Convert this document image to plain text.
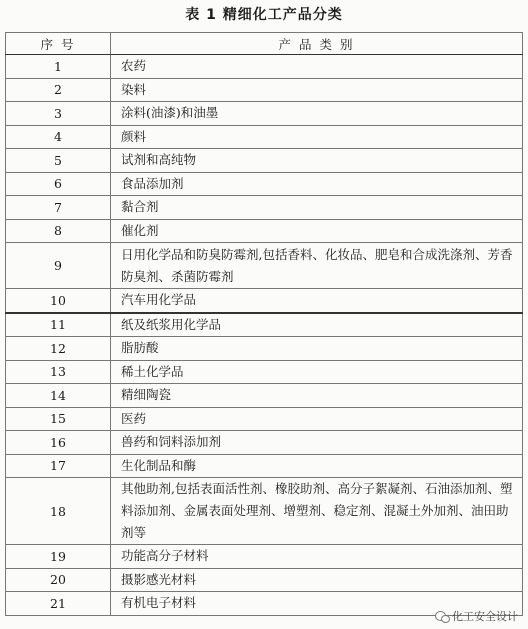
表 1 精细化工产品分类
序 号	产 品 类 别
1	农药
2	染料
3	涂料(油漆)和油墨
4	颜料
5	试剂和高纯物
6	食品添加剂
7	黏合剂
8	催化剂
9	日用化学品和防臭防霉剂,包括香料、化妆品、肥皂和合成洗涤剂、芳香防臭剂、杀菌防霉剂
10	汽车用化学品
11	纸及纸浆用化学品
12	脂肪酸
13	稀土化学品
14	精细陶瓷
15	医药
16	兽药和饲料添加剂
17	生化制品和酶
18	其他助剂,包括表面活性剂、橡胶助剂、高分子絮凝剂、石油添加剂、塑料添加剂、金属表面处理剂、增塑剂、稳定剂、混凝土外加剂、油田助剂等
19	功能高分子材料
20	摄影感光材料
21	有机电子材料
化工安全设计
